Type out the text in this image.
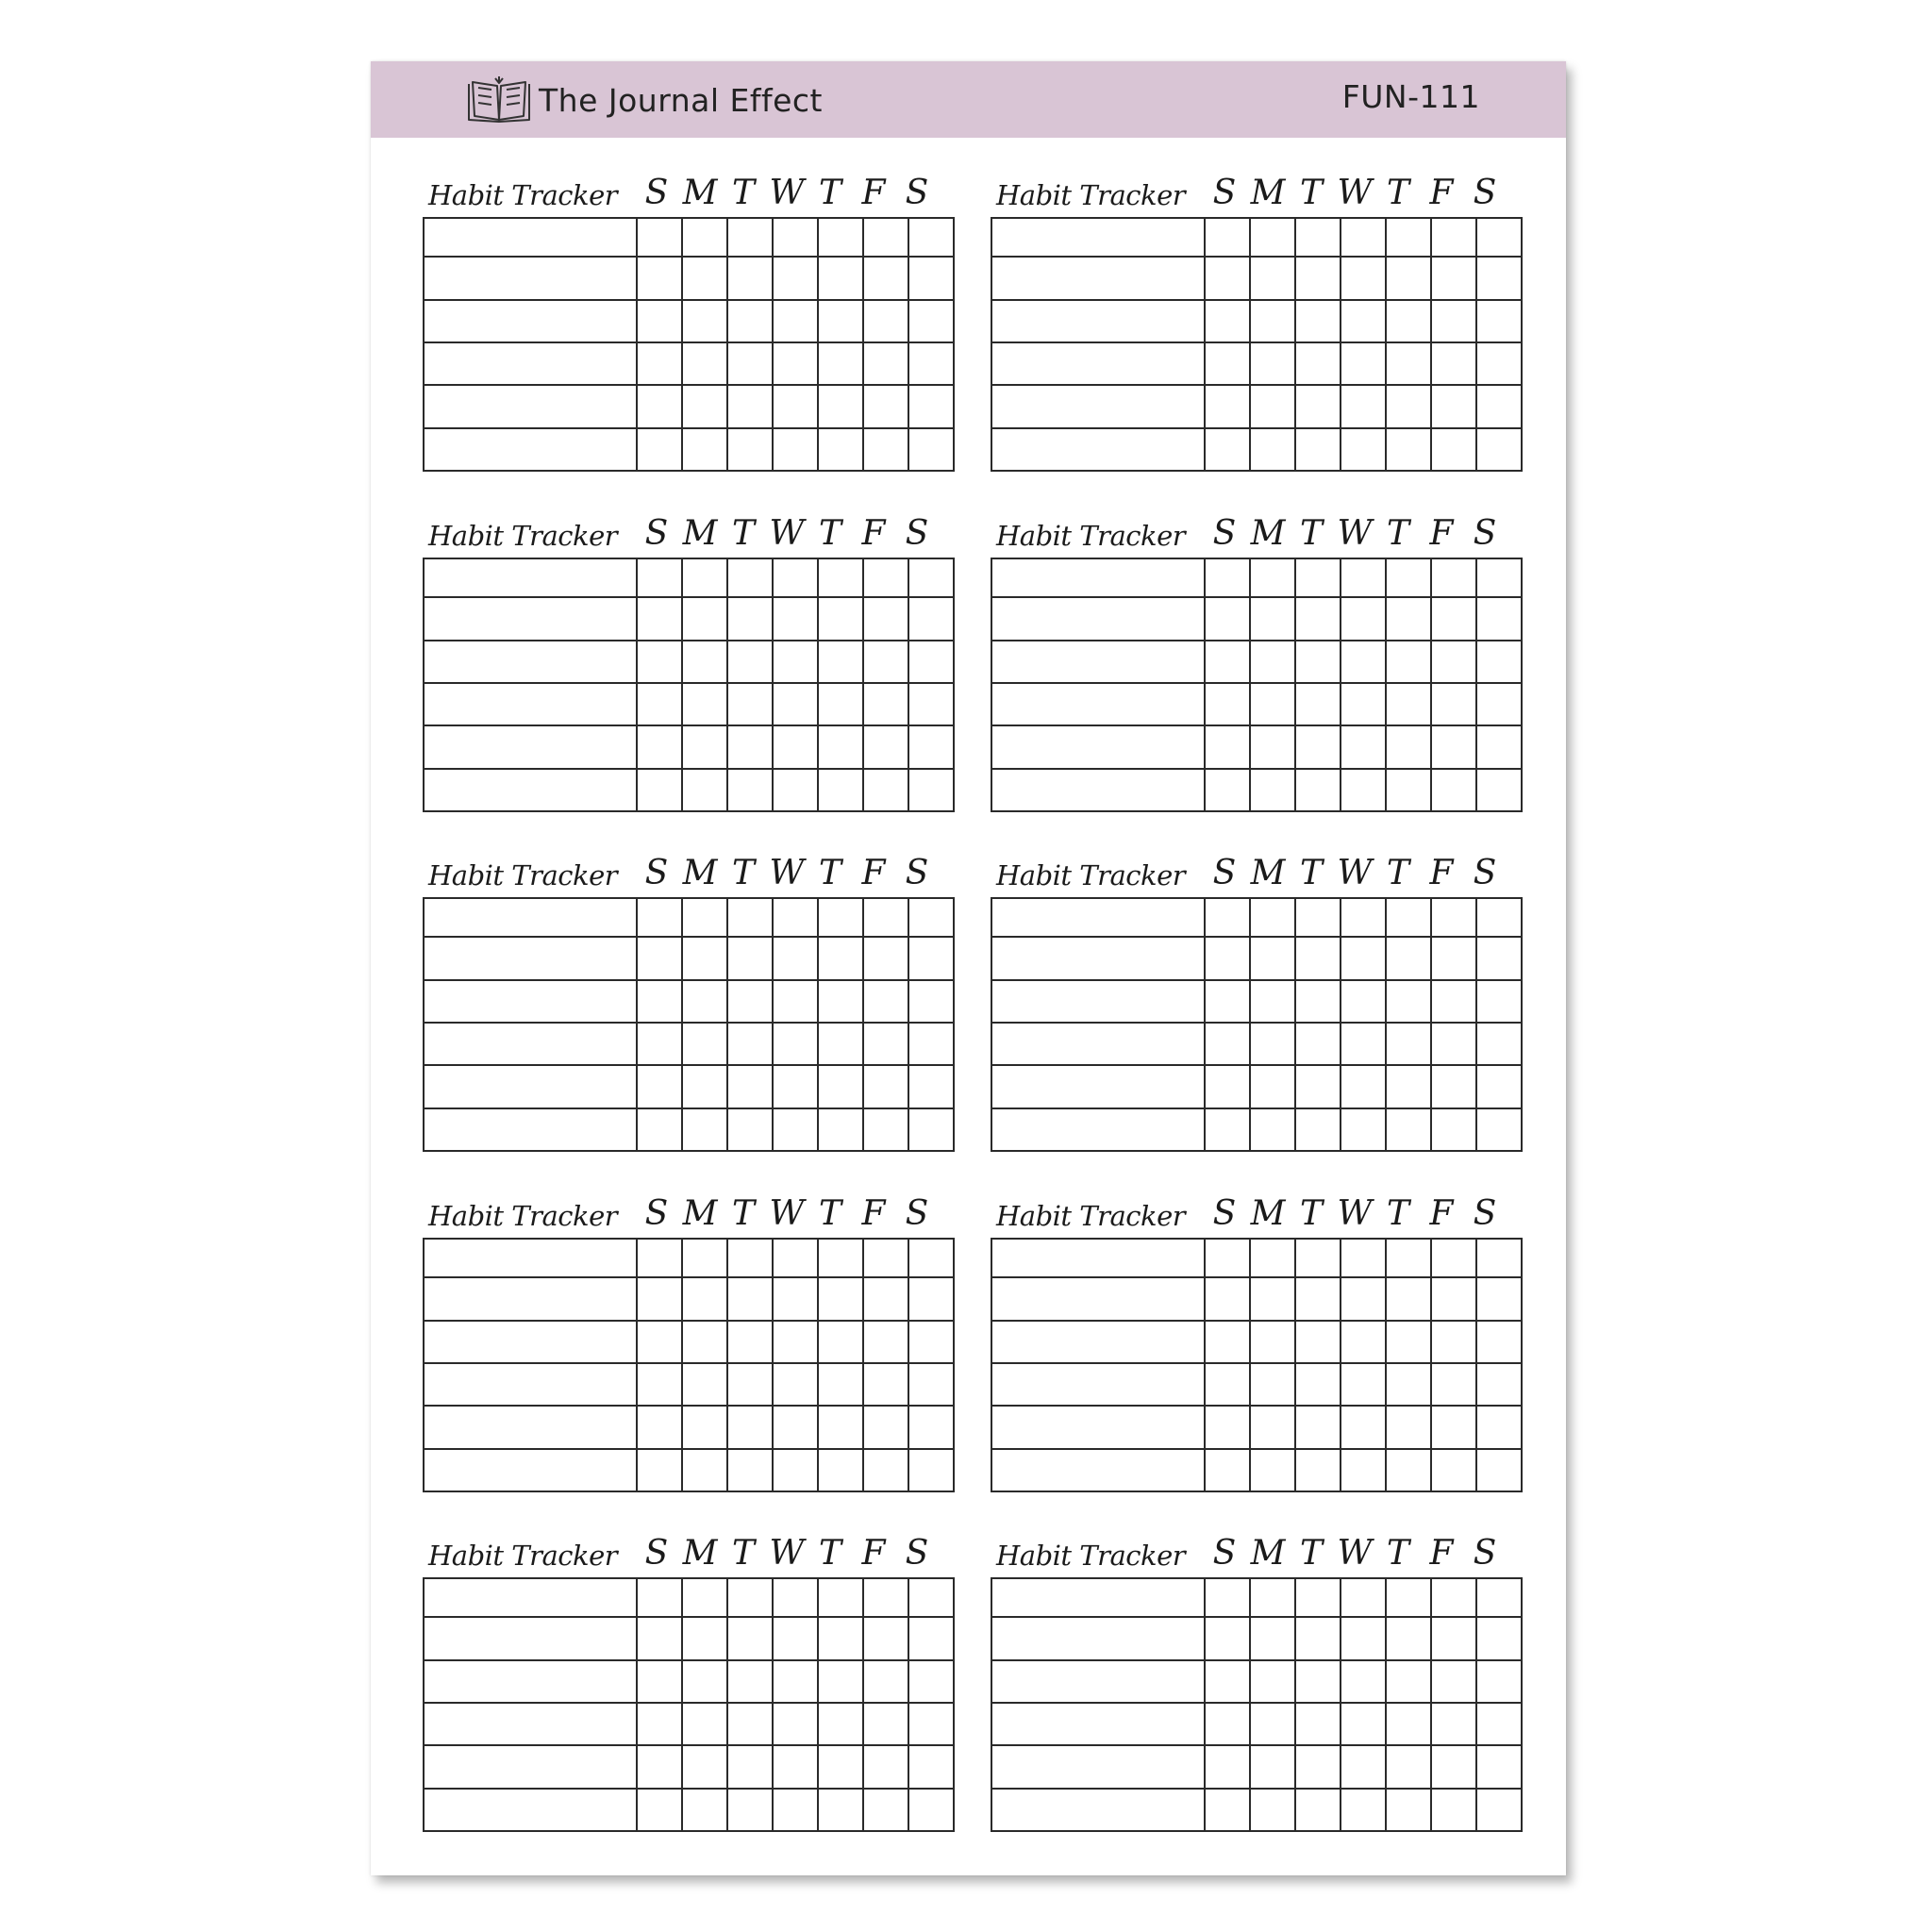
The Journal Effect	FUN-111
Habit Tracker S M T W T F S

								Habit Tracker S M T W T F S

Habit Tracker S M T W T F S

								Habit Tracker S M T W T F S

Habit Tracker S M T W T F S

								Habit Tracker S M T W T F S

Habit Tracker S M T W T F S

								Habit Tracker S M T W T F S

Habit Tracker S M T W T F S

								Habit Tracker S M T W T F S
